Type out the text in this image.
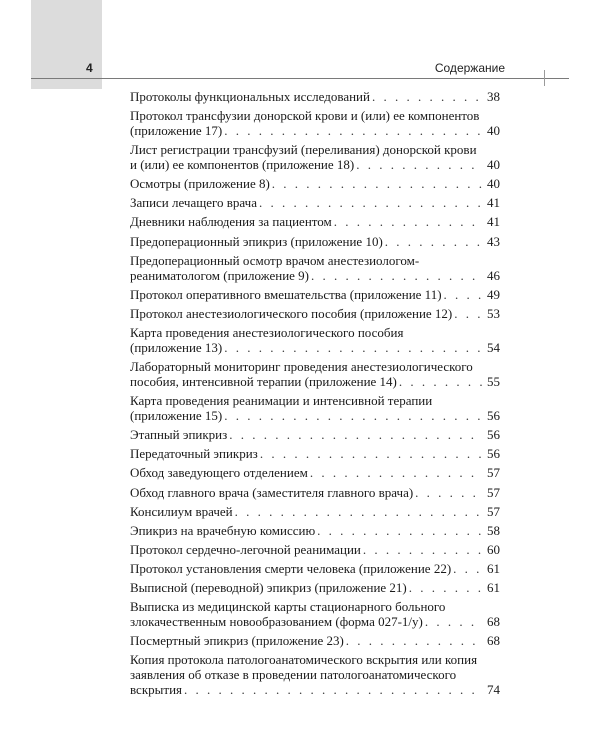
4	Содержание
Протоколы функциональных исследований . . .	38
Протокол трансфузии донорской крови и (или) ее компонентов
(приложение 17) . . .	40
Лист регистрации трансфузий (переливания) донорской крови
и (или) ее компонентов (приложение 18) . . .	40
Осмотры (приложение 8) . . .	40
Записи лечащего врача . . .	41
Дневники наблюдения за пациентом . . .	41
Предоперационный эпикриз (приложение 10) . . .	43
Предоперационный осмотр врачом анестезиологом-
реаниматологом (приложение 9) . . .	46
Протокол оперативного вмешательства (приложение 11) . . .	49
Протокол анестезиологического пособия (приложение 12) . . .	53
Карта проведения анестезиологического пособия
(приложение 13) . . .	54
Лабораторный мониторинг проведения анестезиологического
пособия, интенсивной терапии (приложение 14) . . .	55
Карта проведения реанимации и интенсивной терапии
(приложение 15) . . .	56
Этапный эпикриз . . .	56
Передаточный эпикриз . . .	56
Обход заведующего отделением . . .	57
Обход главного врача (заместителя главного врача) . . .	57
Консилиум врачей . . .	57
Эпикриз на врачебную комиссию . . .	58
Протокол сердечно-легочной реанимации . . .	60
Протокол установления смерти человека (приложение 22) . . .	61
Выписной (переводной) эпикриз (приложение 21) . . .	61
Выписка из медицинской карты стационарного больного
злокачественным новообразованием (форма 027-1/у) . . .	68
Посмертный эпикриз (приложение 23) . . .	68
Копия протокола патологоанатомического вскрытия или копия
заявления об отказе в проведении патологоанатомического
вскрытия . . .	74
